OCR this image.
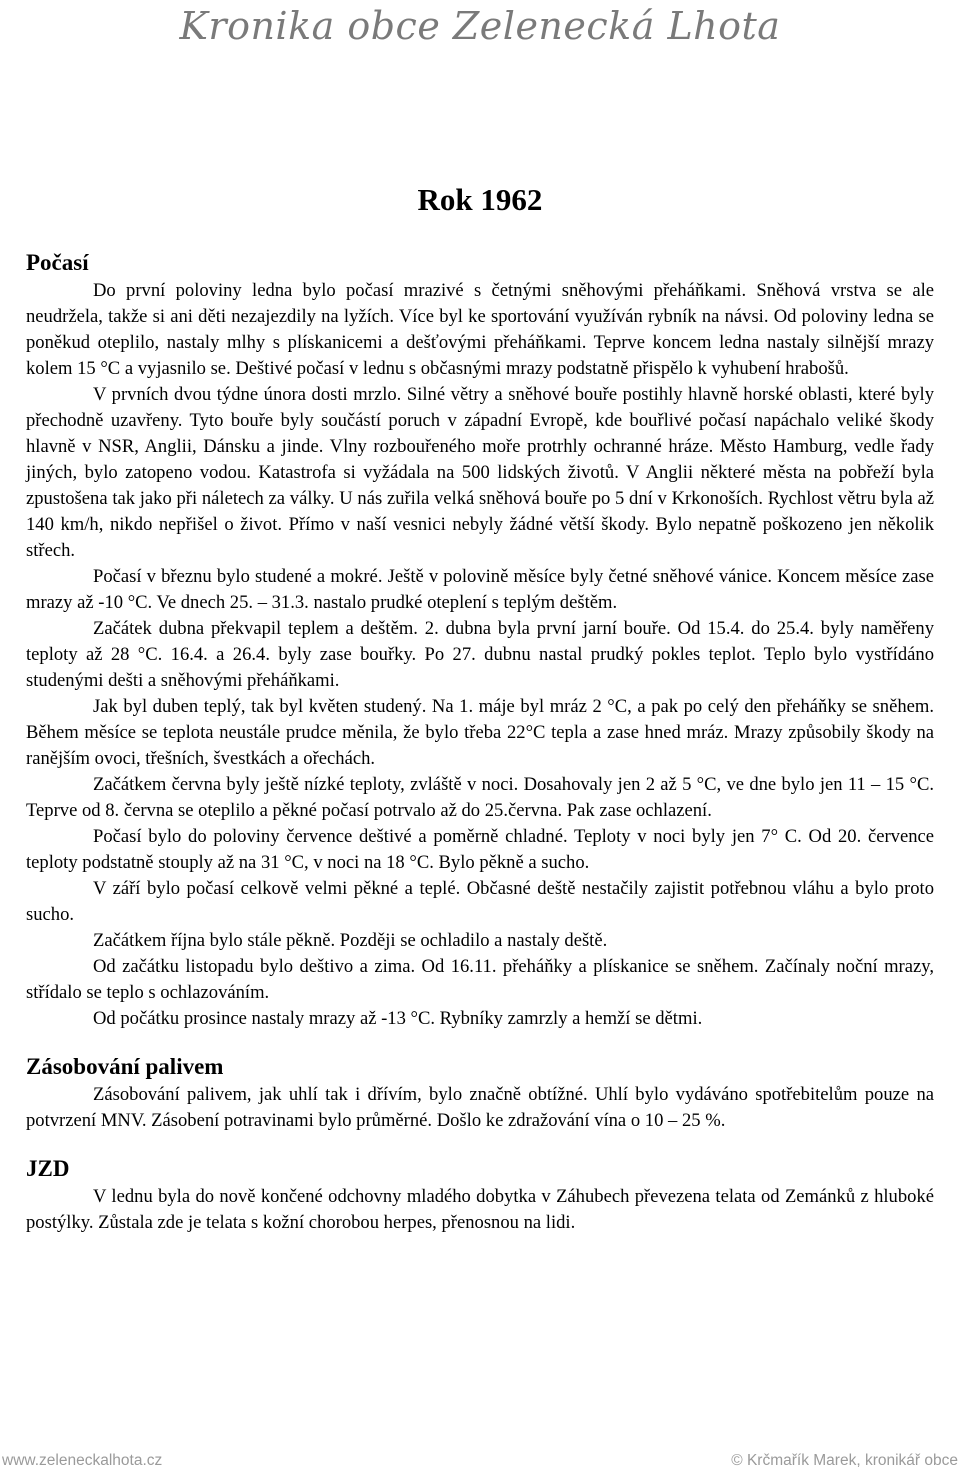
Kronika obce Zelenecká Lhota
Rok 1962
Počasí

Do první poloviny ledna bylo počasí mrazivé s četnými sněhovými přeháňkami. Sněhová vrstva se ale neudržela, takže si ani děti nezajezdily na lyžích. Více byl ke sportování využíván rybník na návsi. Od poloviny ledna se poněkud oteplilo, nastaly mlhy s plískanicemi a dešťovými přeháňkami. Teprve koncem ledna nastaly silnější mrazy kolem 15 °C a vyjasnilo se. Deštivé počasí v lednu s občasnými mrazy podstatně přispělo k vyhubení hrabošů.

V prvních dvou týdne února dosti mrzlo. Silné větry a sněhové bouře postihly hlavně horské oblasti, které byly přechodně uzavřeny. Tyto bouře byly součástí poruch v západní Evropě, kde bouřlivé počasí napáchalo veliké škody hlavně v NSR, Anglii, Dánsku a jinde. Vlny rozbouřeného moře protrhly ochranné hráze. Město Hamburg, vedle řady jiných, bylo zatopeno vodou. Katastrofa si vyžádala na 500 lidských životů. V Anglii některé města na pobřeží byla zpustošena tak jako při náletech za války. U nás zuřila velká sněhová bouře po 5 dní v Krkonoších. Rychlost větru byla až 140 km/h, nikdo nepřišel o život. Přímo v naší vesnici nebyly žádné větší škody. Bylo nepatně poškozeno jen několik střech.

Počasí v březnu bylo studené a mokré. Ještě v polovině měsíce byly četné sněhové vánice. Koncem měsíce zase mrazy až -10 °C. Ve dnech 25. – 31.3. nastalo prudké oteplení s teplým deštěm.

Začátek dubna překvapil teplem a deštěm. 2. dubna byla první jarní bouře. Od 15.4. do 25.4. byly naměřeny teploty až 28 °C. 16.4. a 26.4. byly zase bouřky. Po 27. dubnu nastal prudký pokles teplot. Teplo bylo vystřídáno studenými dešti a sněhovými přeháňkami.

Jak byl duben teplý, tak byl květen studený. Na 1. máje byl mráz 2 °C, a pak po celý den přeháňky se sněhem. Během měsíce se teplota neustále prudce měnila, že bylo třeba 22°C tepla a zase hned mráz. Mrazy způsobily škody na ranějším ovoci, třešních, švestkách a ořechách.

Začátkem června byly ještě nízké teploty, zvláště v noci. Dosahovaly jen 2 až 5 °C, ve dne bylo jen 11 – 15 °C. Teprve od 8. června se oteplilo a pěkné počasí potrvalo až do 25.června. Pak zase ochlazení.

Počasí bylo do poloviny července deštivé a poměrně chladné. Teploty v noci byly jen 7° C. Od 20. července teploty podstatně stouply až na 31 °C, v noci na 18 °C. Bylo pěkně a sucho.

V září bylo počasí celkově velmi pěkné a teplé. Občasné deště nestačily zajistit potřebnou vláhu a bylo proto sucho.

Začátkem října bylo stále pěkně. Později se ochladilo a nastaly deště.

Od začátku listopadu bylo deštivo a zima. Od 16.11. přeháňky a plískanice se sněhem. Začínaly noční mrazy, střídalo se teplo s ochlazováním.

Od počátku prosince nastaly mrazy až -13 °C. Rybníky zamrzly a hemží se dětmi.

Zásobování palivem

Zásobování palivem, jak uhlí tak i dřívím, bylo značně obtížné. Uhlí bylo vydáváno spotřebitelům pouze na potvrzení MNV. Zásobení potravinami bylo průměrné. Došlo ke zdražování vína o 10 – 25 %.

JZD

V lednu byla do nově končené odchovny mladého dobytka v Záhubech převezena telata od Zemánků z hluboké postýlky. Zůstala zde je telata s kožní chorobou herpes, přenosnou na lidi.

www.zeleneckalhota.cz	© Krčmařík Marek, kronikář obce
